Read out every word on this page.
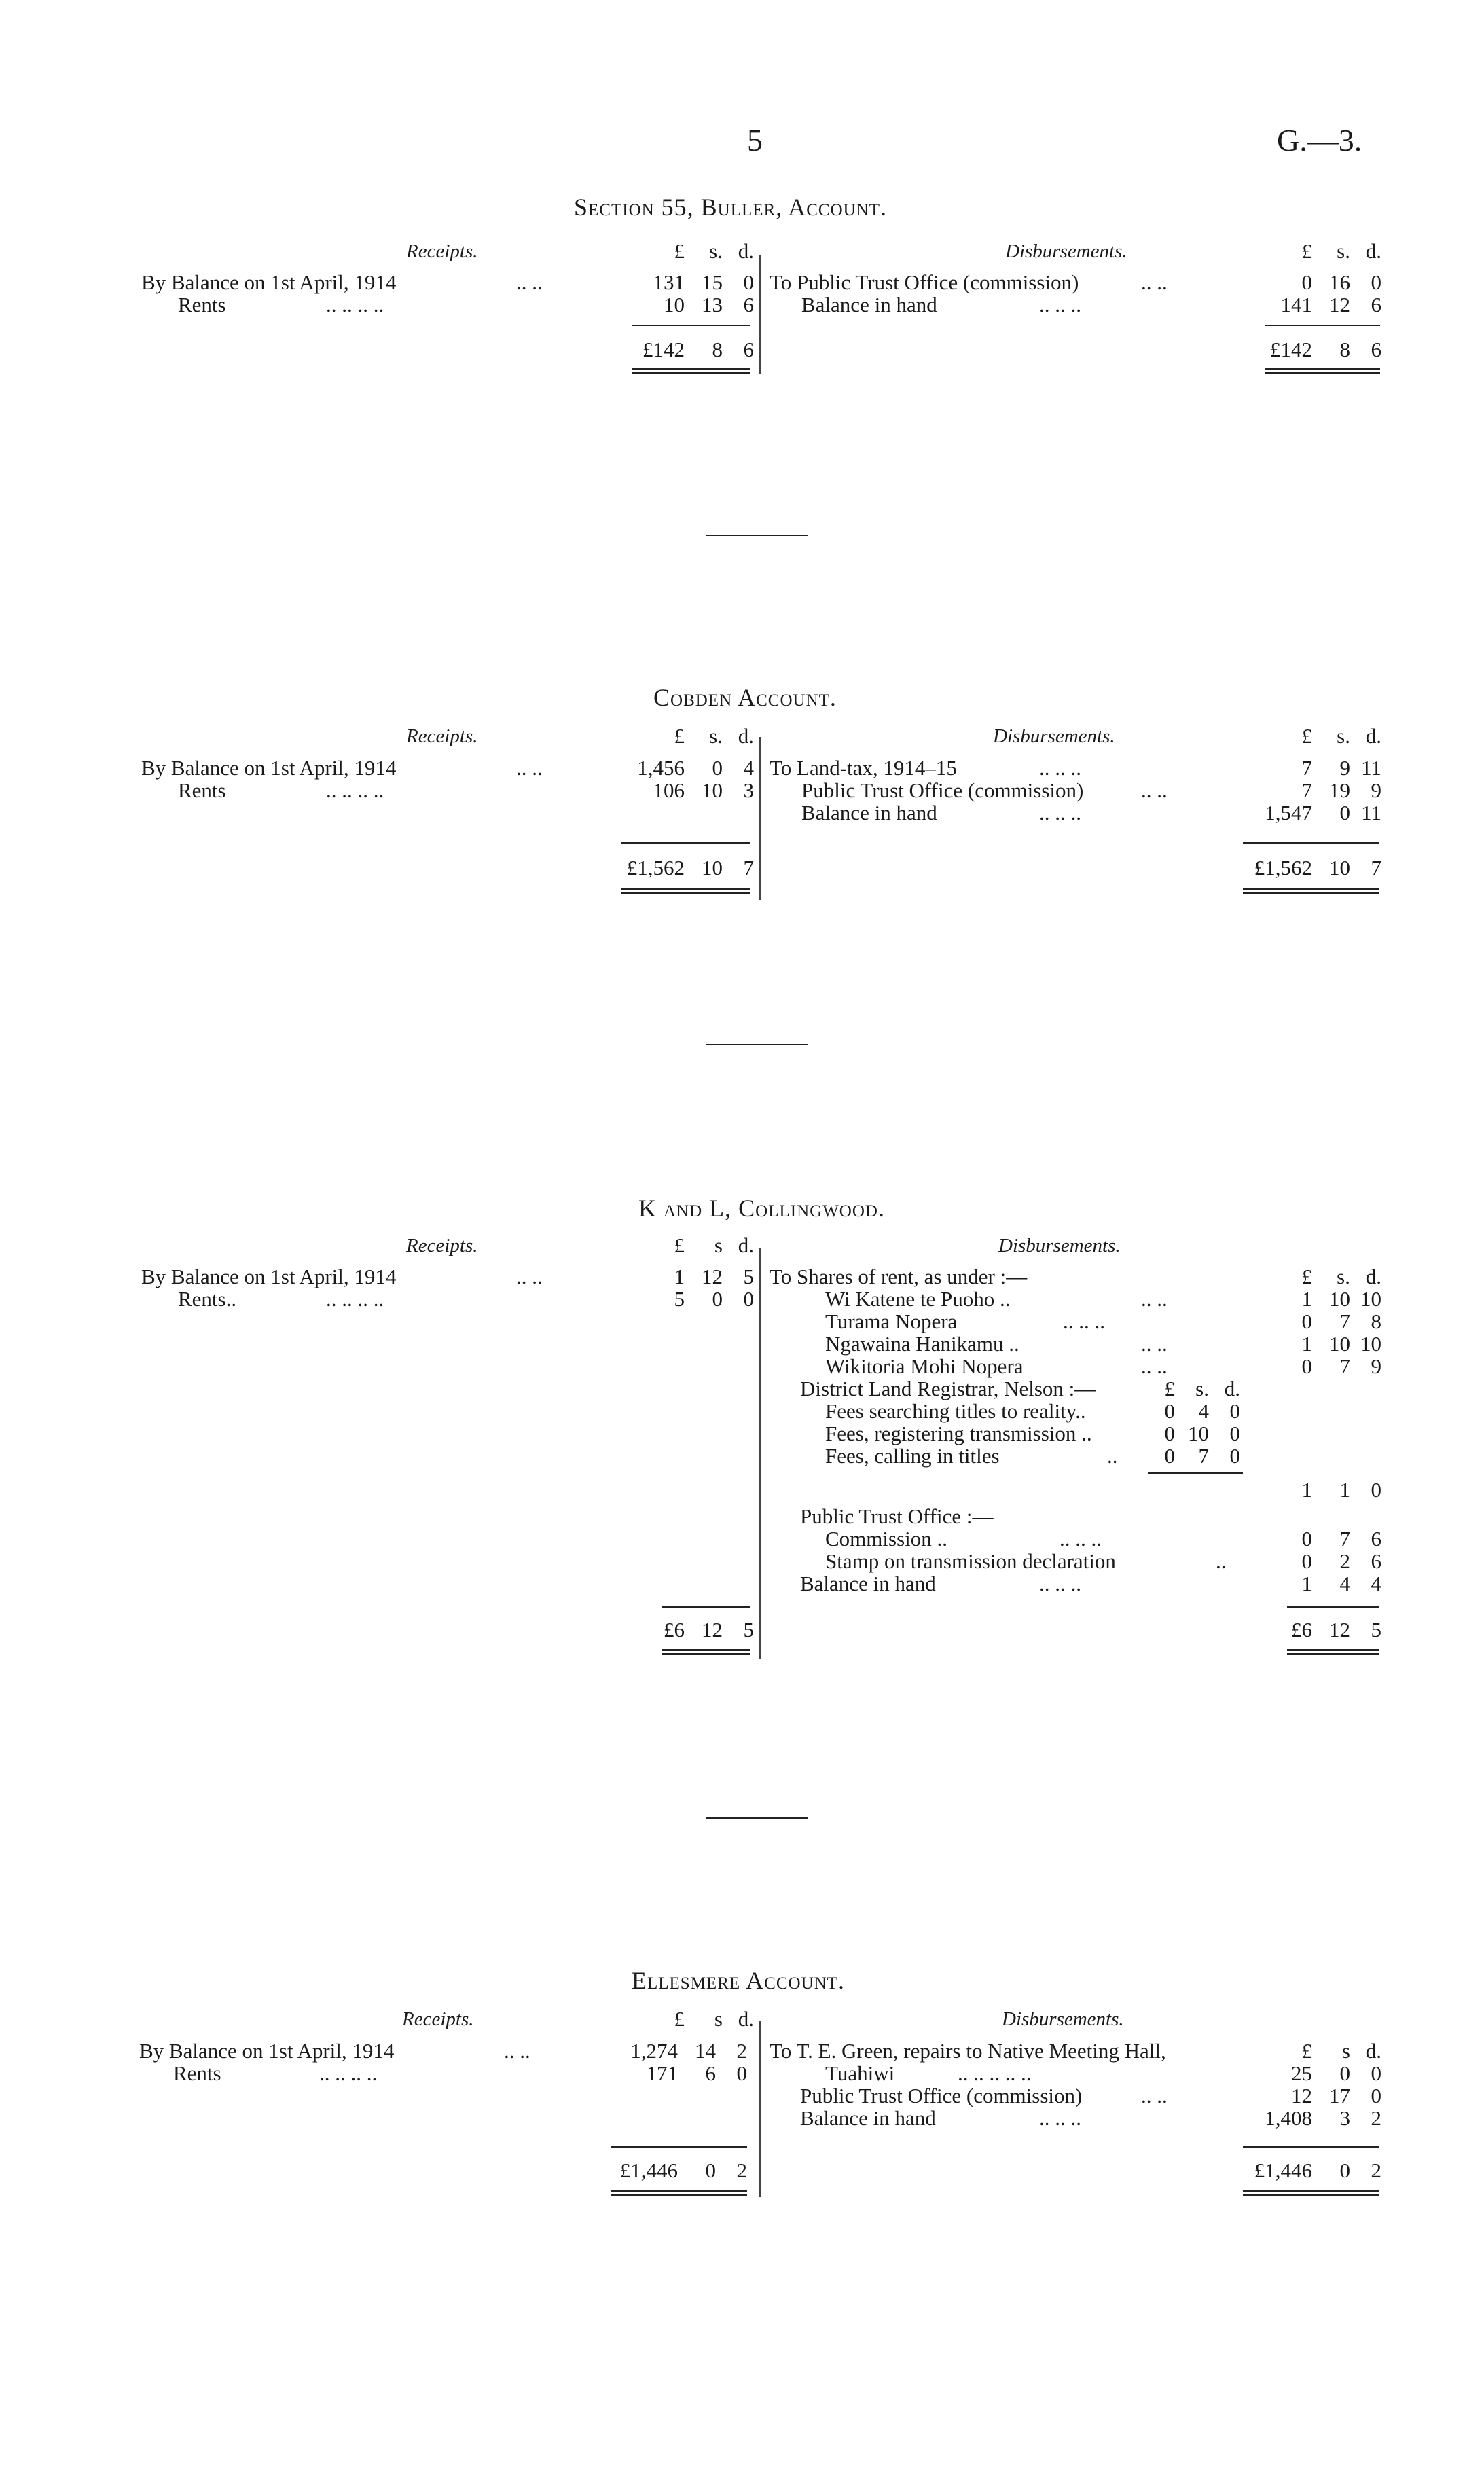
5	G.—3.
Section 55, Buller, Account.
Receipts.	£ s. d.	Disbursements.	£ s. d.
By Balance on 1st April, 1914	.. ..	131 15 0
Rents	.. .. .. ..	10 13 6
£142 8 6
To Public Trust Office (commission)	.. ..	0 16 0
Balance in hand	.. .. ..	141 12 6
£142 8 6
Cobden Account.
Receipts.	£ s. d.	Disbursements.	£ s. d.
By Balance on 1st April, 1914	.. ..	1,456 0 4
Rents	.. .. .. ..	106 10 3
£1,562 10 7
To Land-tax, 1914–15	.. .. ..	7 9 11
Public Trust Office (commission)	.. ..	7 19 9
Balance in hand	.. .. ..	1,547 0 11
£1,562 10 7
K and L, Collingwood.
Receipts.	£ s d.	Disbursements.
By Balance on 1st April, 1914	.. ..	1 12 5
Rents..	.. .. .. ..	5 0 0
£6 12 5
£ s. d.
To Shares of rent, as under :—
Wi Katene te Puoho ..	.. ..	1 10 10
Turama Nopera	.. .. ..	0 7 8
Ngawaina Hanikamu ..	.. ..	1 10 10
Wikitoria Mohi Nopera	.. ..	0 7 9
District Land Registrar, Nelson :—	£ s. d.
Fees searching titles to reality..	0 4 0
Fees, registering transmission ..	0 10 0
Fees, calling in titles	..	0 7 0
1 1 0
Public Trust Office :—
Commission ..	.. .. ..	0 7 6
Stamp on transmission declaration	..	0 2 6
Balance in hand	.. .. ..	1 4 4
£6 12 5
Ellesmere Account.
Receipts.	£ s d.	Disbursements.
By Balance on 1st April, 1914	.. ..	1,274 14 2
Rents	.. .. .. ..	171 6 0
£1,446 0 2
To T. E. Green, repairs to Native Meeting Hall,	£ s d.
Tuahiwi	.. .. .. .. ..	25 0 0
Public Trust Office (commission)	.. ..	12 17 0
Balance in hand	.. .. ..	1,408 3 2
£1,446 0 2
